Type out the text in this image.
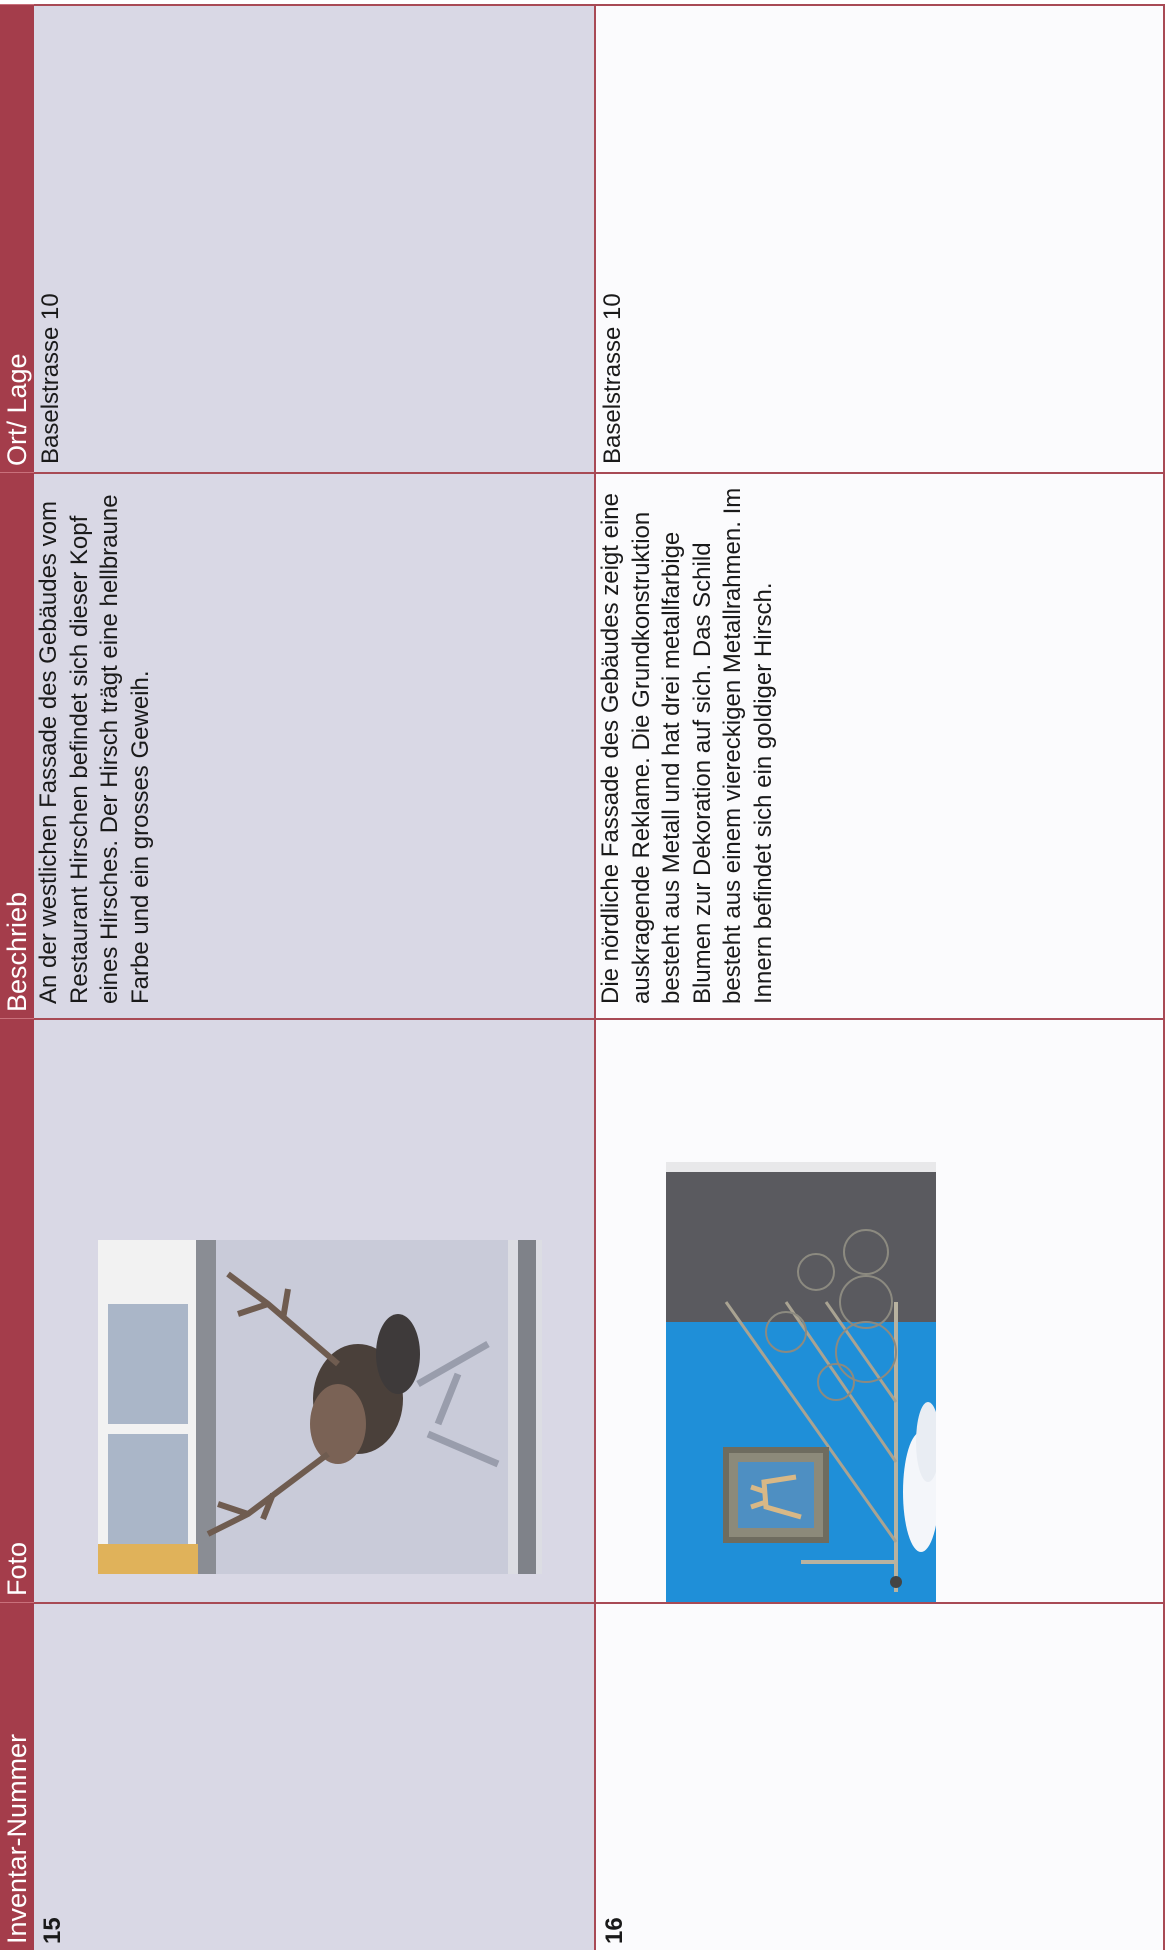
Inventar-Nummer
Foto
Beschrieb
Ort/ Lage
15
An der westlichen Fassade des Gebäudes vom Restaurant Hirschen befindet sich dieser Kopf eines Hirsches. Der Hirsch trägt eine hellbraune Farbe und ein grosses Geweih.
Baselstrasse 10
16
Die nördliche Fassade des Gebäudes zeigt eine auskragende Reklame. Die Grundkonstruktion besteht aus Metall und hat drei metallfarbige Blumen zur Dekoration auf sich. Das Schild besteht aus einem viereckigen Metallrahmen. Im Innern befindet sich ein goldiger Hirsch.
Baselstrasse 10
